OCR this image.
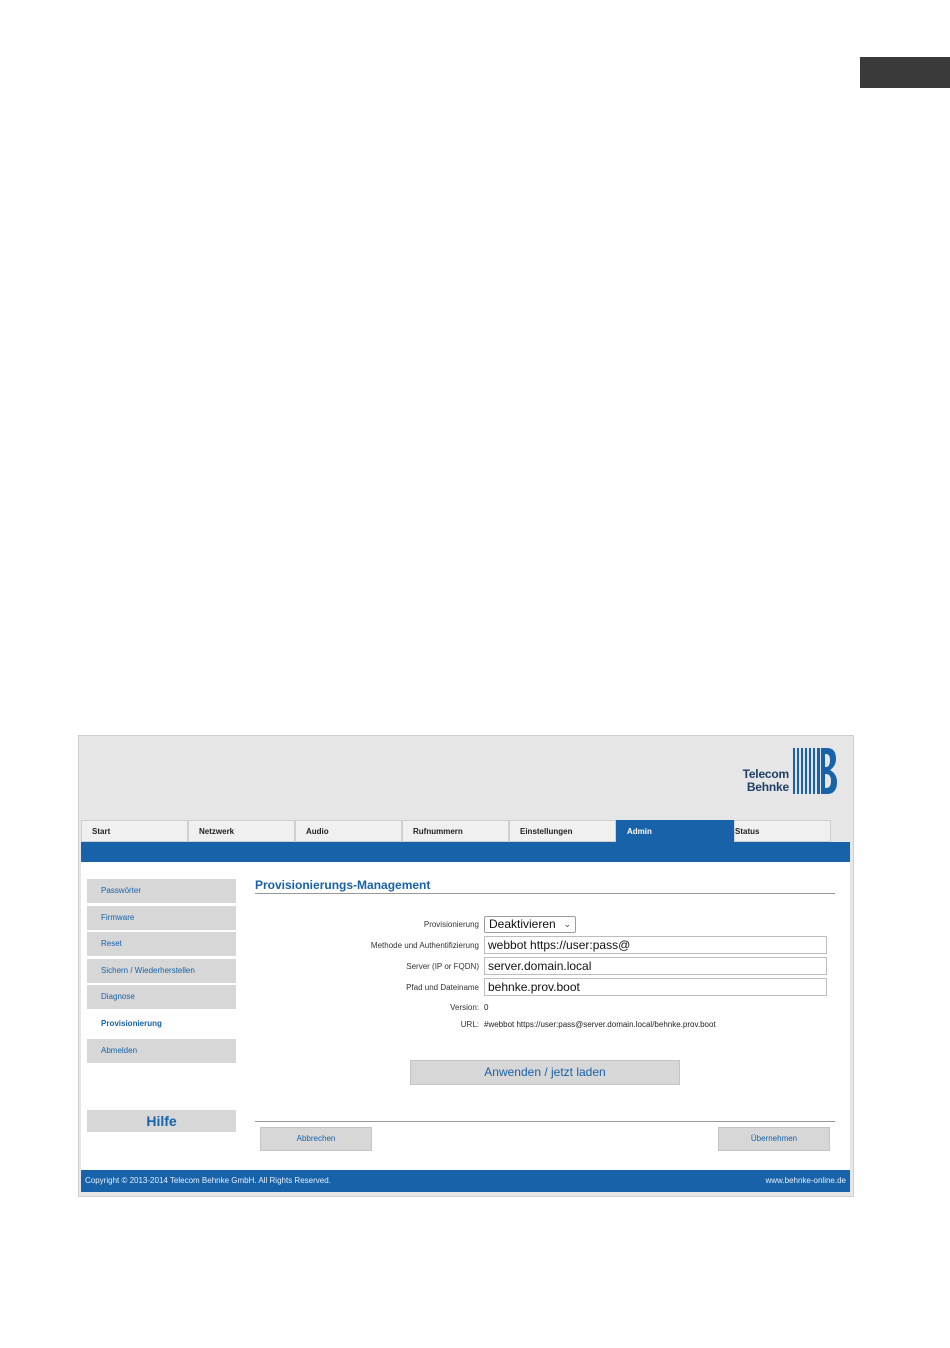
Telecom
Behnke
Start	Netzwerk	Audio	Rufnummern	Einstellungen	Admin	Status
Passwörter
Firmware
Reset
Sichern / Wiederherstellen
Diagnose
Provisionierung
Abmelden
Hilfe
Provisionierungs-Management
Provisionierung Deaktivieren ⌄
Methode und Authentifizierung webbot https://user:pass@
Server (IP or FQDN) server.domain.local
Pfad und Dateiname behnke.prov.boot
Version: 0
URL: #webbot https://user:pass@server.domain.local/behnke.prov.boot
Anwenden / jetzt laden
Abbrechen	Übernehmen
Copyright © 2013-2014 Telecom Behnke GmbH. All Rights Reserved.	www.behnke-online.de
